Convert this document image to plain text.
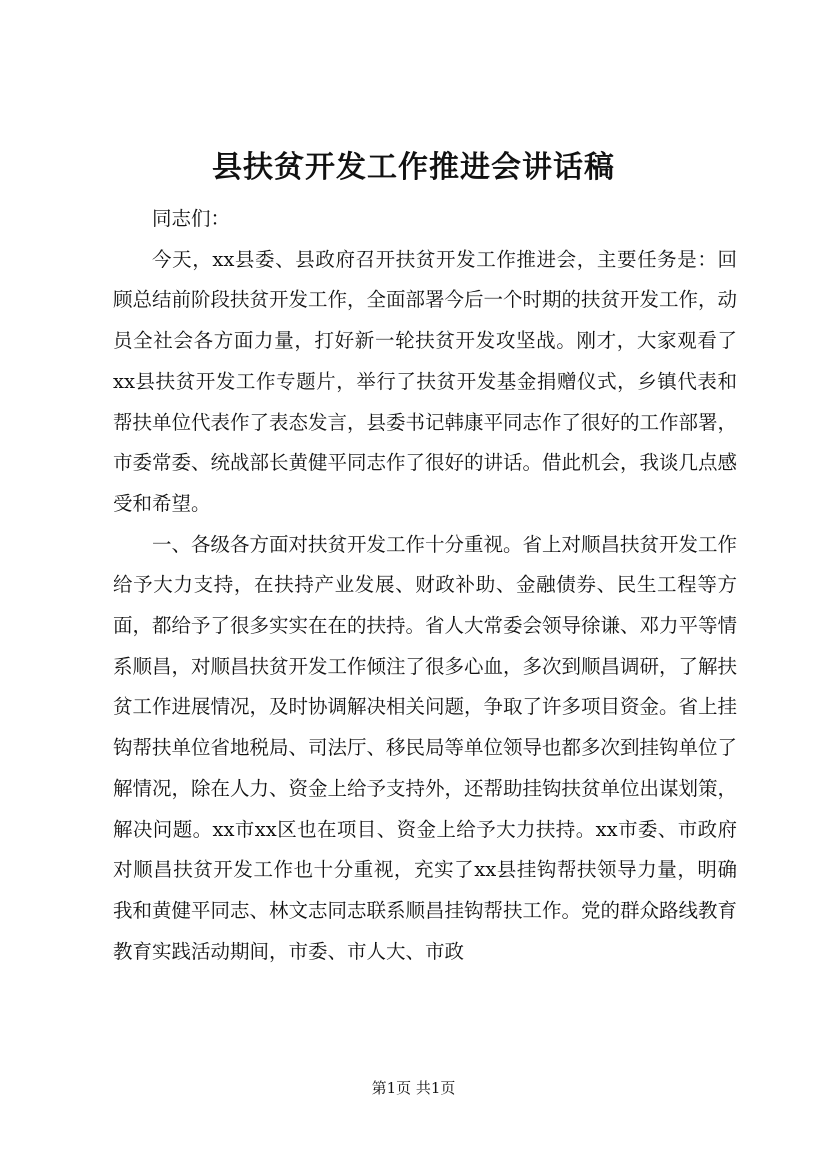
县扶贫开发工作推进会讲话稿

同志们：

今天，xx县委、县政府召开扶贫开发工作推进会，主要任务是：回顾总结前阶段扶贫开发工作，全面部署今后一个时期的扶贫开发工作，动员全社会各方面力量，打好新一轮扶贫开发攻坚战。刚才，大家观看了xx县扶贫开发工作专题片，举行了扶贫开发基金捐赠仪式，乡镇代表和帮扶单位代表作了表态发言，县委书记韩康平同志作了很好的工作部署，市委常委、统战部长黄健平同志作了很好的讲话。借此机会，我谈几点感受和希望。

一、各级各方面对扶贫开发工作十分重视。省上对顺昌扶贫开发工作给予大力支持，在扶持产业发展、财政补助、金融债券、民生工程等方面，都给予了很多实实在在的扶持。省人大常委会领导徐谦、邓力平等情系顺昌，对顺昌扶贫开发工作倾注了很多心血，多次到顺昌调研，了解扶贫工作进展情况，及时协调解决相关问题，争取了许多项目资金。省上挂钩帮扶单位省地税局、司法厅、移民局等单位领导也都多次到挂钩单位了解情况，除在人力、资金上给予支持外，还帮助挂钩扶贫单位出谋划策，解决问题。xx市xx区也在项目、资金上给予大力扶持。xx市委、市政府对顺昌扶贫开发工作也十分重视，充实了xx县挂钩帮扶领导力量，明确我和黄健平同志、林文志同志联系顺昌挂钩帮扶工作。党的群众路线教育教育实践活动期间，市委、市人大、市政

第1页 共1页
